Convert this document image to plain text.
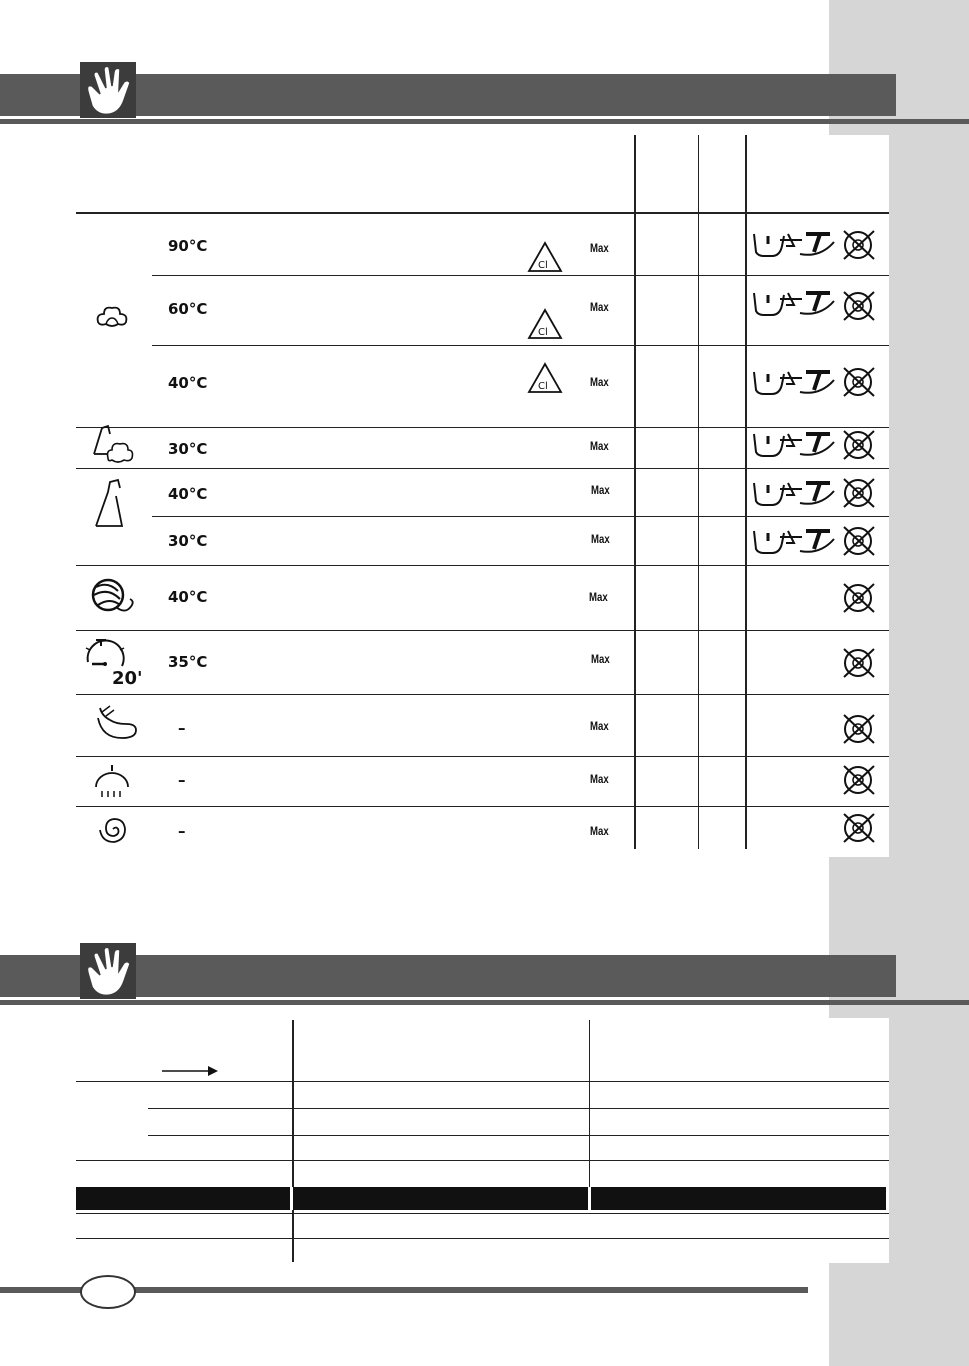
20'
90°C
60°C
40°C
30°C
40°C
30°C
40°C
35°C
–
–
–
Cl
Cl
Cl
Max
Max
Max
Max
Max
Max
Max
Max
Max
Max
Max
